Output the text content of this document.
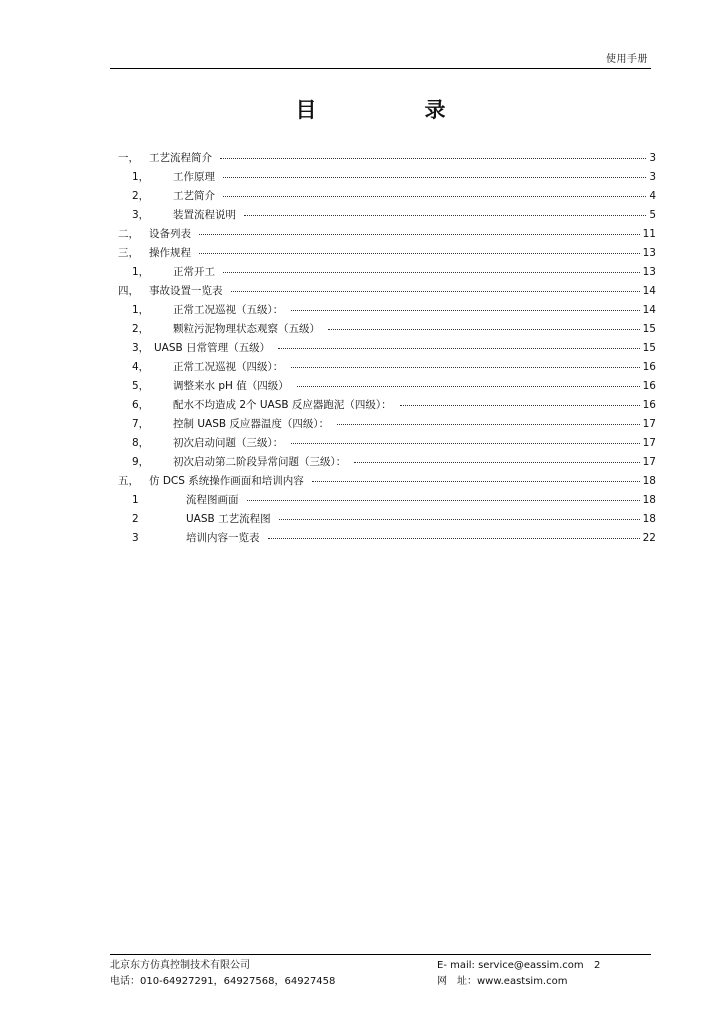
使用手册
目	录
一， 工艺流程简介	3
1，	工作原理	3
2，	工艺简介	4
3，	装置流程说明	5
二， 设备列表	11
三， 操作规程	13
1，	正常开工	13
四， 事故设置一览表	14
1，	正常工况巡视（五级）：	14
2，	颗粒污泥物理状态观察（五级）	15
3， UASB 日常管理（五级）	15
4，	正常工况巡视（四级）：	16
5，	调整来水 pH 值（四级）	16
6，	配水不均造成 2个 UASB 反应器跑泥（四级）：	16
7，	控制 UASB 反应器温度（四级）：	17
8，	初次启动问题（三级）：	17
9，	初次启动第二阶段异常问题（三级）：	17
五， 仿 DCS 系统操作画面和培训内容	18
1	流程图画面	18
2	UASB 工艺流程图	18
3	培训内容一览表	22
北京东方仿真控制技术有限公司
电话：010-64927291，64927568，64927458
E- mail: service@eassim.com
网　址：www.eastsim.com
2
